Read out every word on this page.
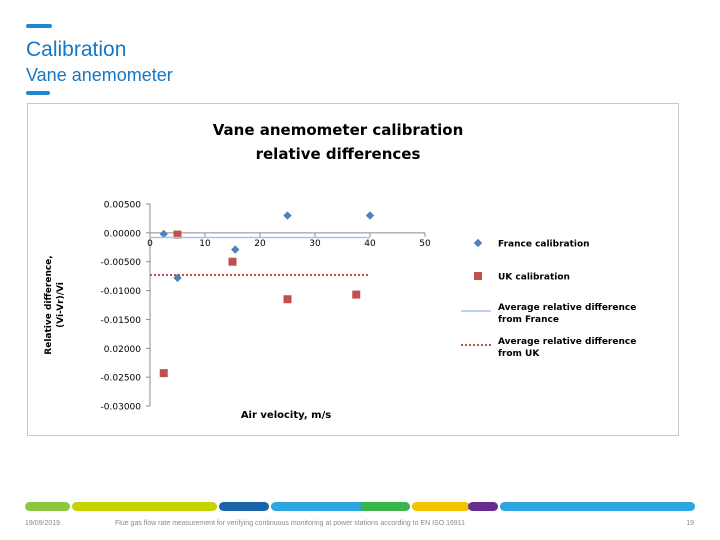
Calibration
Vane anemometer
Vane anemometer calibration
relative differences
Relative difference, (Vi-Vr)/Vi
Air velocity, m/s
0.00500
0.00000
-0.00500
-0.01000
-0.01500
0.02000
-0.02500
-0.03000
0	10	20	30	40	50	France calibration
UK calibration
Average relative difference
from France
Average relative difference
from UK
19/09/2019	Flue gas flow rate measurement for verifying continuous monitoring at power stations according to EN ISO 16911	19
